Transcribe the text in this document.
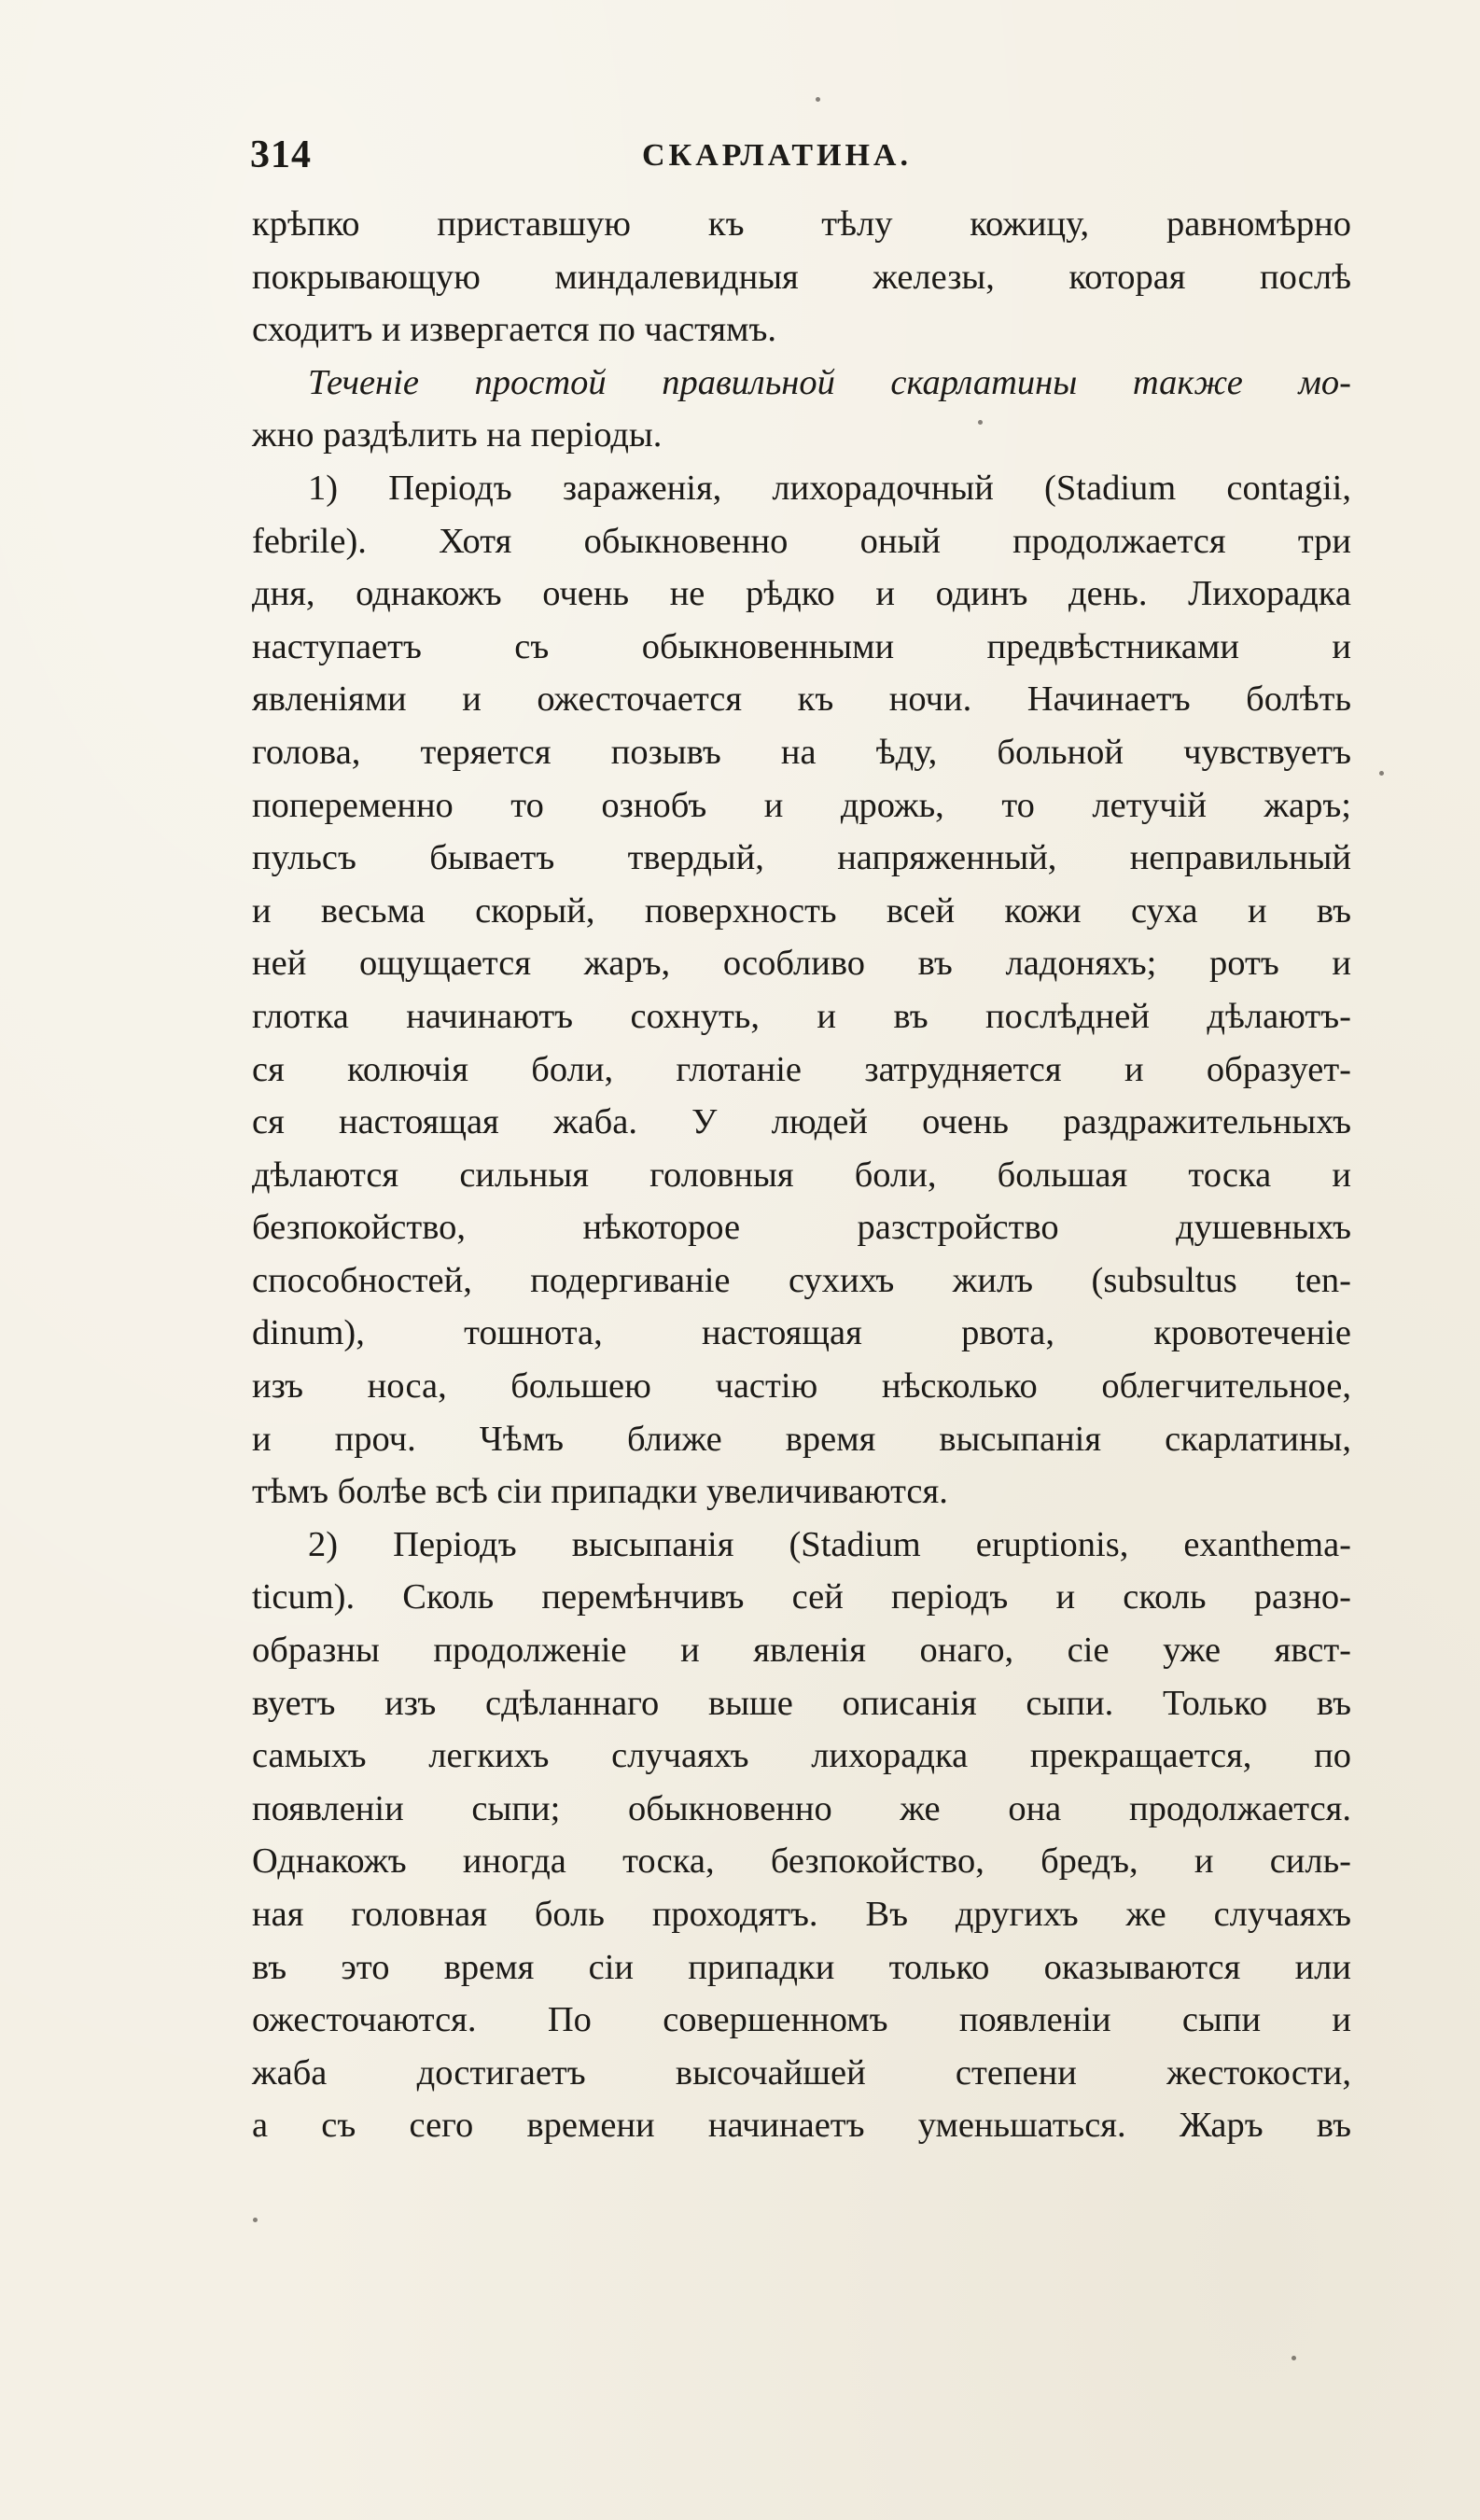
314	СКАРЛАТИНА.
крѣпко приставшую къ тѣлу кожицу, равномѣрно
покрывающую миндалевидныя железы, которая послѣ
сходитъ и извергается по частямъ.
Теченіе простой правильной скарлатины также мо-
жно раздѣлить на періоды.
1) Періодъ зараженія, лихорадочный (Stadium contagii,
febrile). Хотя обыкновенно оный продолжается три
дня, однакожъ очень не рѣдко и одинъ день. Лихорадка
наступаетъ съ обыкновенными предвѣстниками и
явленіями и ожесточается къ ночи. Начинаетъ болѣть
голова, теряется позывъ на ѣду, больной чувствуетъ
попеременно то ознобъ и дрожь, то летучій жаръ;
пульсъ бываетъ твердый, напряженный, неправильный
и весьма скорый, поверхность всей кожи суха и въ
ней ощущается жаръ, особливо въ ладоняхъ; ротъ и
глотка начинаютъ сохнуть, и въ послѣдней дѣлаютъ-
ся колючія боли, глотаніе затрудняется и образует-
ся настоящая жаба. У людей очень раздражительныхъ
дѣлаются сильныя головныя боли, большая тоска и
безпокойство, нѣкоторое разстройство душевныхъ
способностей, подергиваніе сухихъ жилъ (subsultus ten-
dinum), тошнота, настоящая рвота, кровотеченіе
изъ носа, большею частію нѣсколько облегчительное,
и проч. Чѣмъ ближе время высыпанія скарлатины,
тѣмъ болѣе всѣ сіи припадки увеличиваются.
2) Періодъ высыпанія (Stadium eruptionis, exanthema-
ticum). Сколь перемѣнчивъ сей періодъ и сколь разно-
образны продолженіе и явленія онаго, сіе уже явст-
вуетъ изъ сдѣланнаго выше описанія сыпи. Только въ
самыхъ легкихъ случаяхъ лихорадка прекращается, по
появленіи сыпи; обыкновенно же она продолжается.
Однакожъ иногда тоска, безпокойство, бредъ, и силь-
ная головная боль проходятъ. Въ другихъ же случаяхъ
въ это время сіи припадки только оказываются или
ожесточаются. По совершенномъ появленіи сыпи и
жаба достигаетъ высочайшей степени жестокости,
а съ сего времени начинаетъ уменьшаться. Жаръ въ
